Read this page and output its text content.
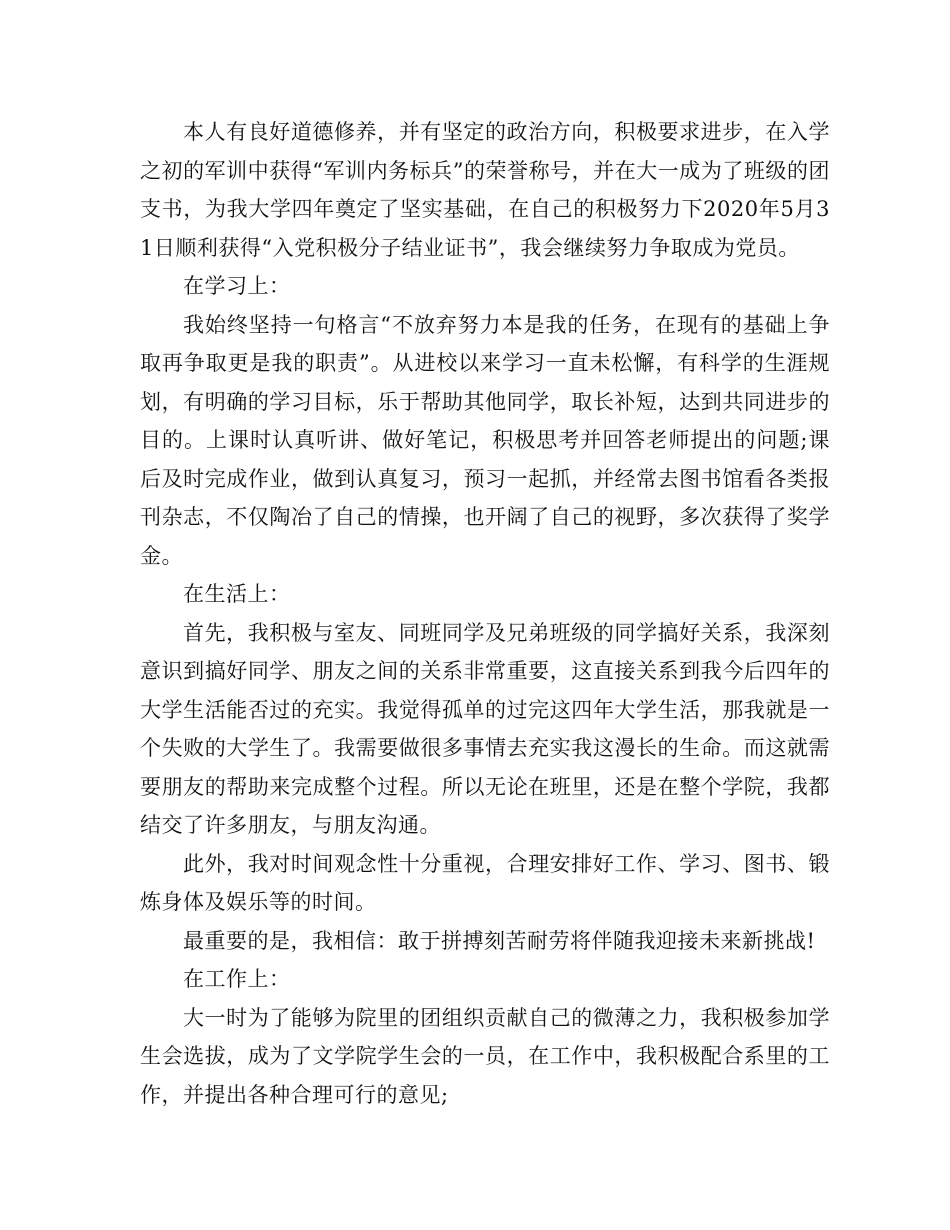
本人有良好道德修养，并有坚定的政治方向，积极要求进步，在入学之初的军训中获得“军训内务标兵”的荣誉称号，并在大一成为了班级的团支书，为我大学四年奠定了坚实基础，在自己的积极努力下2020年5月31日顺利获得“入党积极分子结业证书”，我会继续努力争取成为党员。

在学习上：

我始终坚持一句格言“不放弃努力本是我的任务，在现有的基础上争取再争取更是我的职责”。从进校以来学习一直未松懈，有科学的生涯规划，有明确的学习目标，乐于帮助其他同学，取长补短，达到共同进步的目的。上课时认真听讲、做好笔记，积极思考并回答老师提出的问题;课后及时完成作业，做到认真复习，预习一起抓，并经常去图书馆看各类报刊杂志，不仅陶冶了自己的情操，也开阔了自己的视野，多次获得了奖学金。

在生活上：

首先，我积极与室友、同班同学及兄弟班级的同学搞好关系，我深刻意识到搞好同学、朋友之间的关系非常重要，这直接关系到我今后四年的大学生活能否过的充实。我觉得孤单的过完这四年大学生活，那我就是一个失败的大学生了。我需要做很多事情去充实我这漫长的生命。而这就需要朋友的帮助来完成整个过程。所以无论在班里，还是在整个学院，我都结交了许多朋友，与朋友沟通。

此外，我对时间观念性十分重视，合理安排好工作、学习、图书、锻炼身体及娱乐等的时间。

最重要的是，我相信：敢于拼搏刻苦耐劳将伴随我迎接未来新挑战!

在工作上：

大一时为了能够为院里的团组织贡献自己的微薄之力，我积极参加学生会选拔，成为了文学院学生会的一员，在工作中，我积极配合系里的工作，并提出各种合理可行的意见;
